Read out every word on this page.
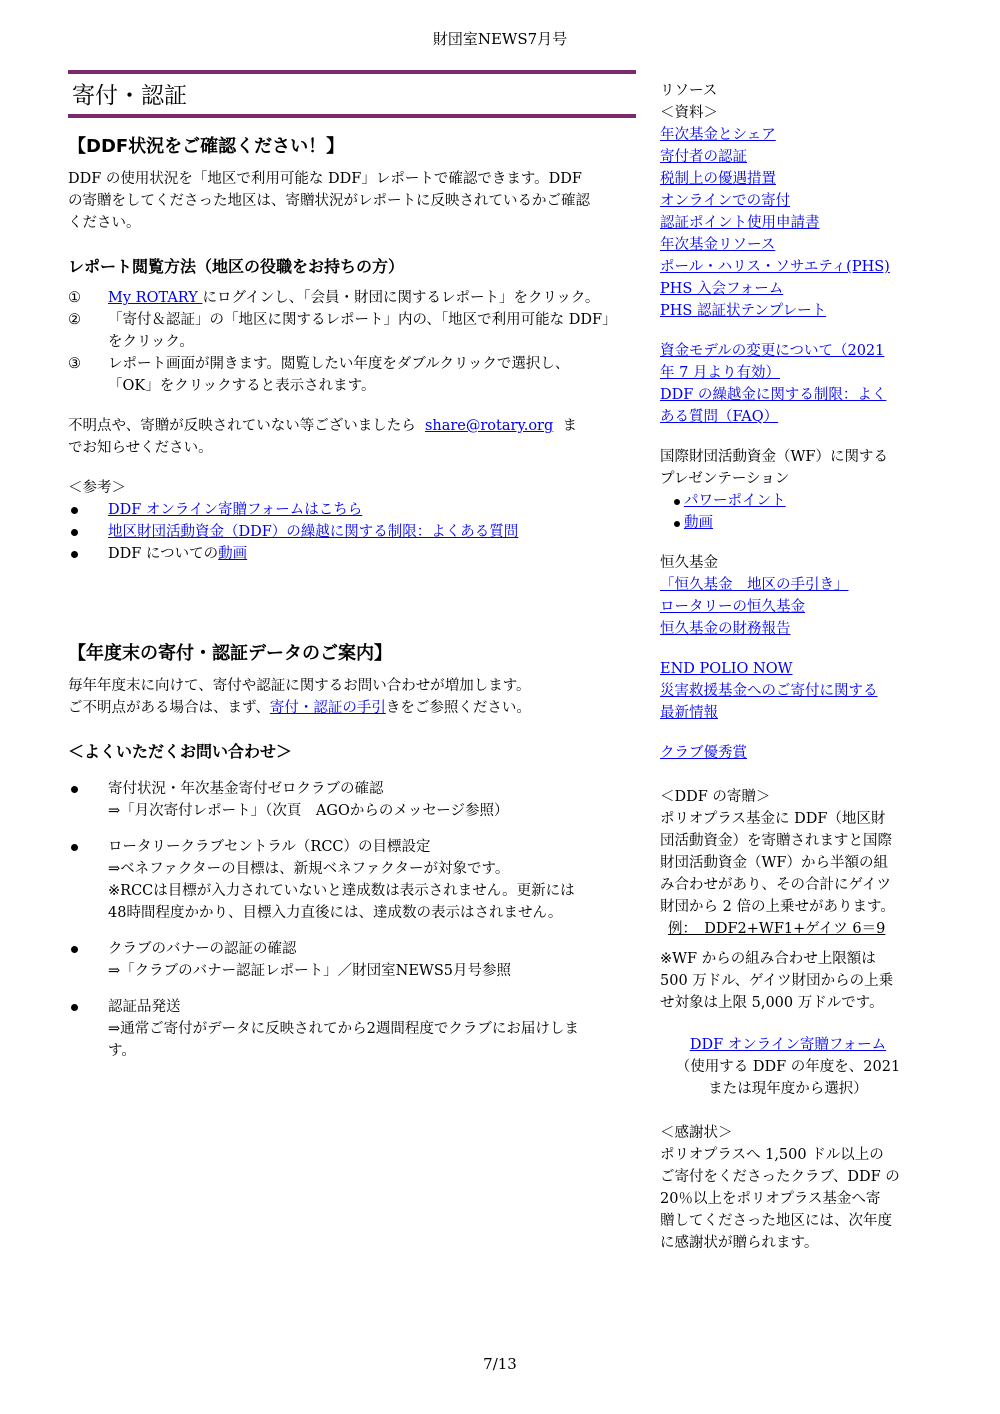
財団室NEWS7月号
寄付・認証
【DDF状況をご確認ください！】

DDF の使用状況を「地区で利用可能な DDF」レポートで確認できます。DDF
の寄贈をしてくださった地区は、寄贈状況がレポートに反映されているかご確認
ください。

レポート閲覧方法（地区の役職をお持ちの方）
① My ROTARY にログインし、「会員・財団に関するレポート」をクリック。
② 「寄付＆認証」の「地区に関するレポート」内の、「地区で利用可能な DDF」
をクリック。
③ レポート画面が開きます。閲覧したい年度をダブルクリックで選択し、
「OK」をクリックすると表示されます。

不明点や、寄贈が反映されていない等ございましたら share@rotary.org ま
でお知らせください。

＜参考＞

DDF オンライン寄贈フォームはこちら
地区財団活動資金（DDF）の繰越に関する制限：よくある質問
DDF についての動画
【年度末の寄付・認証データのご案内】

毎年年度末に向けて、寄付や認証に関するお問い合わせが増加します。
ご不明点がある場合は、まず、寄付・認証の手引きをご参照ください。

＜よくいただくお問い合わせ＞
寄付状況・年次基金寄付ゼロクラブの確認
⇒「月次寄付レポート」（次頁　AGOからのメッセージ参照）
ロータリークラブセントラル（RCC）の目標設定
⇒ベネファクターの目標は、新規ベネファクターが対象です。
※RCCは目標が入力されていないと達成数は表示されません。更新には
48時間程度かかり、目標入力直後には、達成数の表示はされません。
クラブのバナーの認証の確認
⇒「クラブのバナー認証レポート」／財団室NEWS5月号参照
認証品発送
⇒通常ご寄付がデータに反映されてから2週間程度でクラブにお届けしま
す。
リソース
＜資料＞
年次基金とシェア
寄付者の認証
税制上の優遇措置
オンラインでの寄付
認証ポイント使用申請書
年次基金リソース
ポール・ハリス・ソサエティ(PHS)
PHS 入会フォーム
PHS 認証状テンプレート
資金モデルの変更について（2021
年 7 月より有効）
DDF の繰越金に関する制限：よく
ある質問（FAQ）
国際財団活動資金（WF）に関する
プレゼンテーション
パワーポイント
動画
恒久基金
「恒久基金　地区の手引き」
ロータリーの恒久基金
恒久基金の財務報告
END POLIO NOW
災害救援基金へのご寄付に関する
最新情報
クラブ優秀賞
＜DDF の寄贈＞
ポリオプラス基金に DDF（地区財
団活動資金）を寄贈されますと国際
財団活動資金（WF）から半額の組
み合わせがあり、その合計にゲイツ
財団から 2 倍の上乗せがあります。
例：　DDF2+WF1+ゲイツ 6＝9
※WF からの組み合わせ上限額は
500 万ドル、ゲイツ財団からの上乗
せ対象は上限 5,000 万ドルです。
DDF オンライン寄贈フォーム
（使用する DDF の年度を、2021
または現年度から選択）
＜感謝状＞
ポリオプラスへ 1,500 ドル以上の
ご寄付をくださったクラブ、DDF の
20％以上をポリオプラス基金へ寄
贈してくださった地区には、次年度
に感謝状が贈られます。
7/13
